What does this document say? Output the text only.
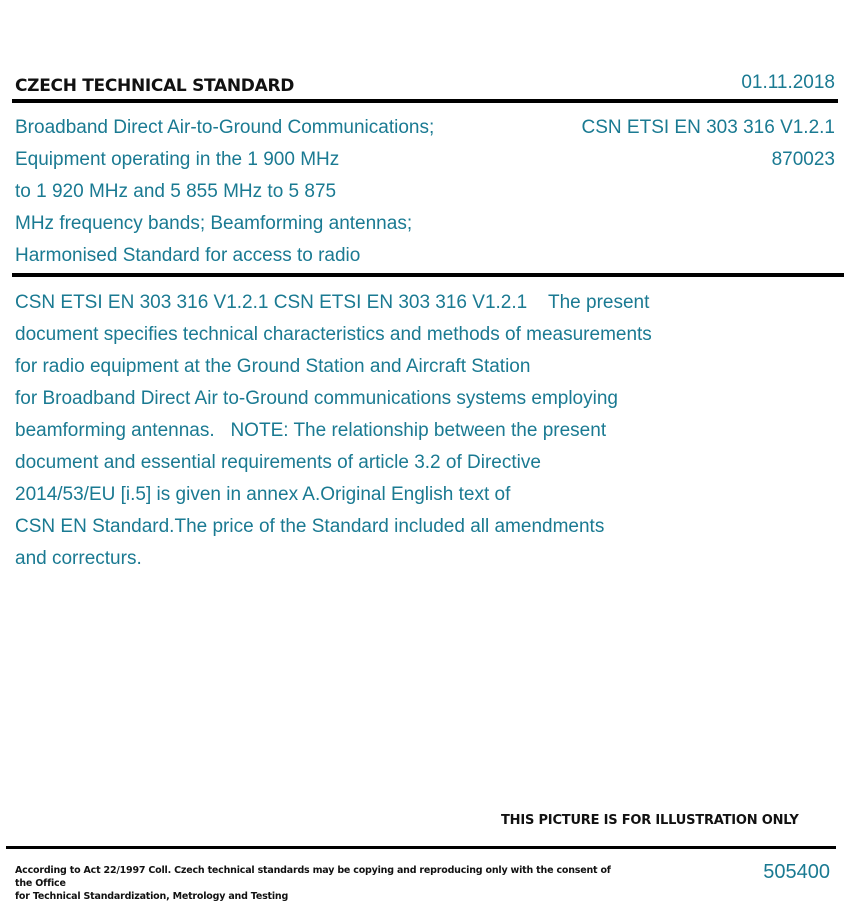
CZECH TECHNICAL STANDARD	01.11.2018

Broadband Direct Air-to-Ground Communications;

Equipment operating in the 1 900 MHz

to 1 920 MHz and 5 855 MHz to 5 875

MHz frequency bands; Beamforming antennas;

Harmonised Standard for access to radio

CSN ETSI EN 303 316 V1.2.1

870023

CSN ETSI EN 303 316 V1.2.1 CSN ETSI EN 303 316 V1.2.1    The present

document specifies technical characteristics and methods of measurements

for radio equipment at the Ground Station and Aircraft Station

for Broadband Direct Air to-Ground communications systems employing

beamforming antennas.   NOTE: The relationship between the present

document and essential requirements of article 3.2 of Directive

2014/53/EU [i.5] is given in annex A.Original English text of

CSN EN Standard.The price of the Standard included all amendments

and correcturs.

THIS PICTURE IS FOR ILLUSTRATION ONLY
According to Act 22/1997 Coll. Czech technical standards may be copying and reproducing only with the consent of the Office
for Technical Standardization, Metrology and Testing
505400
